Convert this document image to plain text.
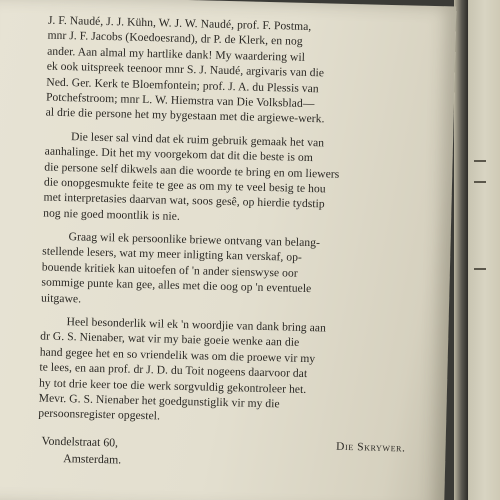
J. F. Naudé, J. J. Kühn, W. J. W. Naudé, prof. F. Postma,
mnr J. F. Jacobs (Koedoesrand), dr P. de Klerk, en nog
ander. Aan almal my hartlike dank! My waardering wil
ek ook uitspreek teenoor mnr S. J. Naudé, argivaris van die
Ned. Ger. Kerk te Bloemfontein; prof. J. A. du Plessis van
Potchefstroom; mnr L. W. Hiemstra van Die Volksblad—
al drie die persone het my bygestaan met die argiewe-werk.
Die leser sal vind dat ek ruim gebruik gemaak het van
aanhalinge. Dit het my voorgekom dat dit die beste is om
die persone self dikwels aan die woorde te bring en om liewers
die onopgesmukte feite te gee as om my te veel besig te hou
met interpretasies daarvan wat, soos gesê, op hierdie tydstip
nog nie goed moontlik is nie.
Graag wil ek persoonlike briewe ontvang van belang-
stellende lesers, wat my meer inligting kan verskaf, op-
bouende kritiek kan uitoefen of 'n ander sienswyse oor
sommige punte kan gee, alles met die oog op 'n eventuele
uitgawe.
Heel besonderlik wil ek 'n woordjie van dank bring aan
dr G. S. Nienaber, wat vir my baie goeie wenke aan die
hand gegee het en so vriendelik was om die proewe vir my
te lees, en aan prof. dr J. D. du Toit nogeens daarvoor dat
hy tot drie keer toe die werk sorgvuldig gekontroleer het.
Mevr. G. S. Nienaber het goedgunstiglik vir my die
persoonsregister opgestel.
Die Skrywer.
Vondelstraat 60,
Amsterdam.
